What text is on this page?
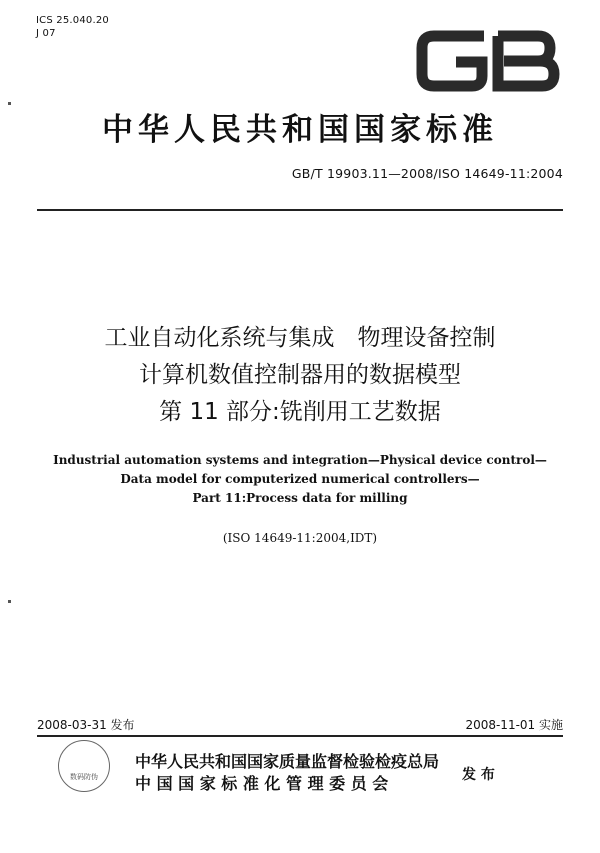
ICS 25.040.20
J 07
中华人民共和国国家标准
GB/T 19903.11—2008/ISO 14649-11:2004
工业自动化系统与集成　物理设备控制
计算机数值控制器用的数据模型
第 11 部分:铣削用工艺数据
Industrial automation systems and integration—Physical device control—
Data model for computerized numerical controllers—
Part 11:Process data for milling
(ISO 14649-11:2004,IDT)
2008-03-31 发布	2008-11-01 实施
数码防伪
中华人民共和国国家质量监督检验检疫总局
中 国 国 家 标 准 化 管 理 委 员 会	发 布
